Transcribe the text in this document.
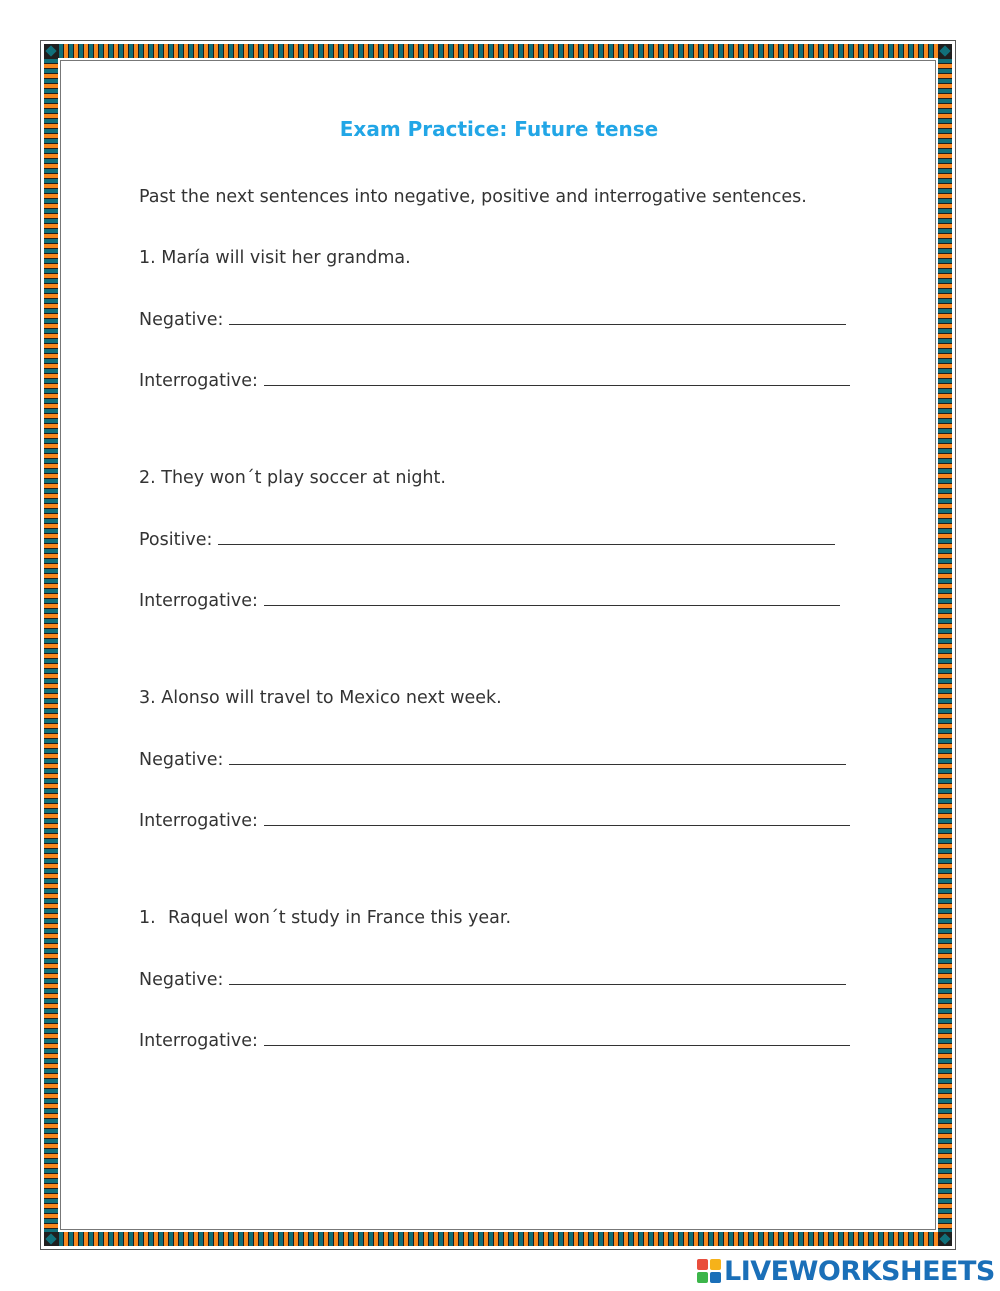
Exam Practice: Future tense
Past the next sentences into negative, positive and interrogative sentences.
1. María will visit her grandma.
Negative:
Interrogative:
2. They won´t play soccer at night.
Positive:
Interrogative:
3. Alonso will travel to Mexico next week.
Negative:
Interrogative:
1. Raquel won´t study in France this year.
Negative:
Interrogative:
LIVEWORKSHEETS
